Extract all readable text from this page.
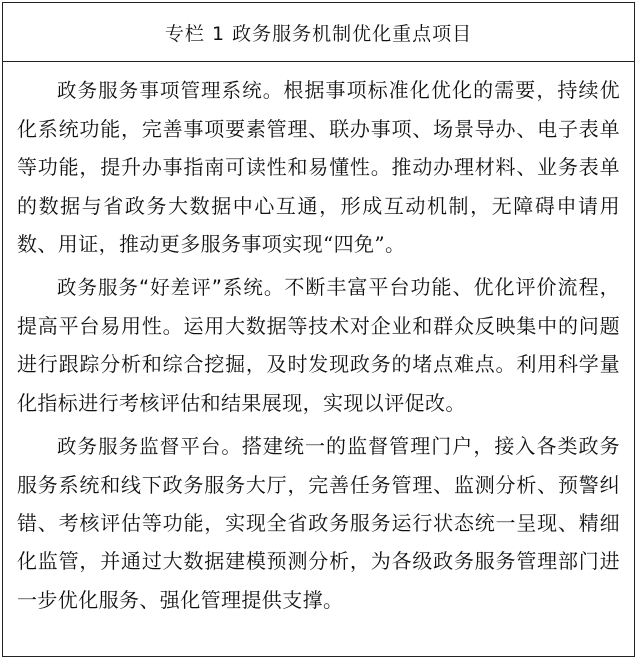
专栏 1 政务服务机制优化重点项目

政务服务事项管理系统。根据事项标准化优化的需要，持续优化系统功能，完善事项要素管理、联办事项、场景导办、电子表单等功能，提升办事指南可读性和易懂性。推动办理材料、业务表单的数据与省政务大数据中心互通，形成互动机制，无障碍申请用数、用证，推动更多服务事项实现“四免”。

政务服务“好差评”系统。不断丰富平台功能、优化评价流程，提高平台易用性。运用大数据等技术对企业和群众反映集中的问题进行跟踪分析和综合挖掘，及时发现政务的堵点难点。利用科学量化指标进行考核评估和结果展现，实现以评促改。

政务服务监督平台。搭建统一的监督管理门户，接入各类政务服务系统和线下政务服务大厅，完善任务管理、监测分析、预警纠错、考核评估等功能，实现全省政务服务运行状态统一呈现、精细化监管，并通过大数据建模预测分析，为各级政务服务管理部门进一步优化服务、强化管理提供支撑。
